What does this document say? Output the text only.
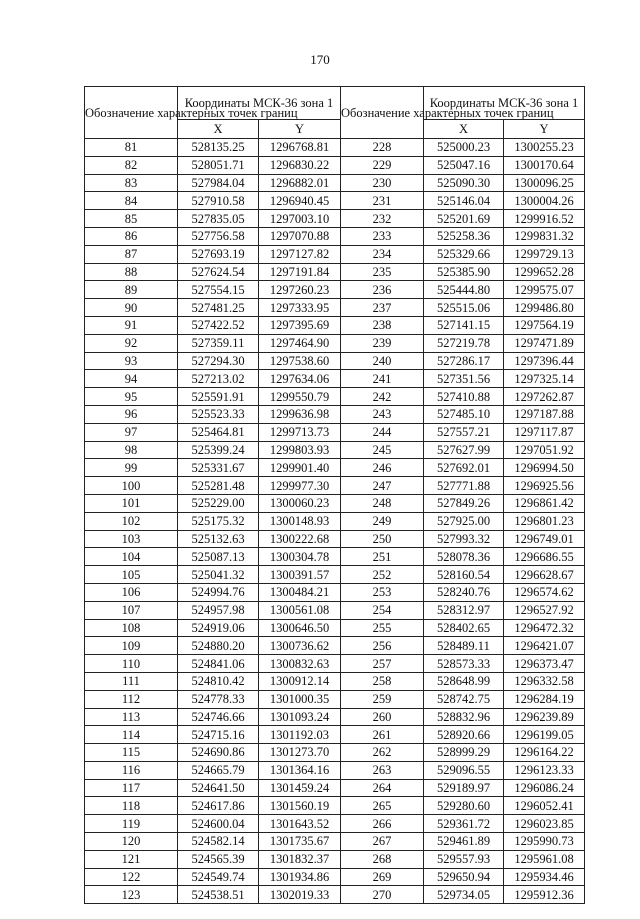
170
Обозначение характерных точек границ	Координаты МСК-36 зона 1		Обозначение характерных точек границ	Координаты МСК-36 зона 1	
	X	Y		X	Y
81	528135.25	1296768.81	228	525000.23	1300255.23
82	528051.71	1296830.22	229	525047.16	1300170.64
83	527984.04	1296882.01	230	525090.30	1300096.25
84	527910.58	1296940.45	231	525146.04	1300004.26
85	527835.05	1297003.10	232	525201.69	1299916.52
86	527756.58	1297070.88	233	525258.36	1299831.32
87	527693.19	1297127.82	234	525329.66	1299729.13
88	527624.54	1297191.84	235	525385.90	1299652.28
89	527554.15	1297260.23	236	525444.80	1299575.07
90	527481.25	1297333.95	237	525515.06	1299486.80
91	527422.52	1297395.69	238	527141.15	1297564.19
92	527359.11	1297464.90	239	527219.78	1297471.89
93	527294.30	1297538.60	240	527286.17	1297396.44
94	527213.02	1297634.06	241	527351.56	1297325.14
95	525591.91	1299550.79	242	527410.88	1297262.87
96	525523.33	1299636.98	243	527485.10	1297187.88
97	525464.81	1299713.73	244	527557.21	1297117.87
98	525399.24	1299803.93	245	527627.99	1297051.92
99	525331.67	1299901.40	246	527692.01	1296994.50
100	525281.48	1299977.30	247	527771.88	1296925.56
101	525229.00	1300060.23	248	527849.26	1296861.42
102	525175.32	1300148.93	249	527925.00	1296801.23
103	525132.63	1300222.68	250	527993.32	1296749.01
104	525087.13	1300304.78	251	528078.36	1296686.55
105	525041.32	1300391.57	252	528160.54	1296628.67
106	524994.76	1300484.21	253	528240.76	1296574.62
107	524957.98	1300561.08	254	528312.97	1296527.92
108	524919.06	1300646.50	255	528402.65	1296472.32
109	524880.20	1300736.62	256	528489.11	1296421.07
110	524841.06	1300832.63	257	528573.33	1296373.47
111	524810.42	1300912.14	258	528648.99	1296332.58
112	524778.33	1301000.35	259	528742.75	1296284.19
113	524746.66	1301093.24	260	528832.96	1296239.89
114	524715.16	1301192.03	261	528920.66	1296199.05
115	524690.86	1301273.70	262	528999.29	1296164.22
116	524665.79	1301364.16	263	529096.55	1296123.33
117	524641.50	1301459.24	264	529189.97	1296086.24
118	524617.86	1301560.19	265	529280.60	1296052.41
119	524600.04	1301643.52	266	529361.72	1296023.85
120	524582.14	1301735.67	267	529461.89	1295990.73
121	524565.39	1301832.37	268	529557.93	1295961.08
122	524549.74	1301934.86	269	529650.94	1295934.46
123	524538.51	1302019.33	270	529734.05	1295912.36
